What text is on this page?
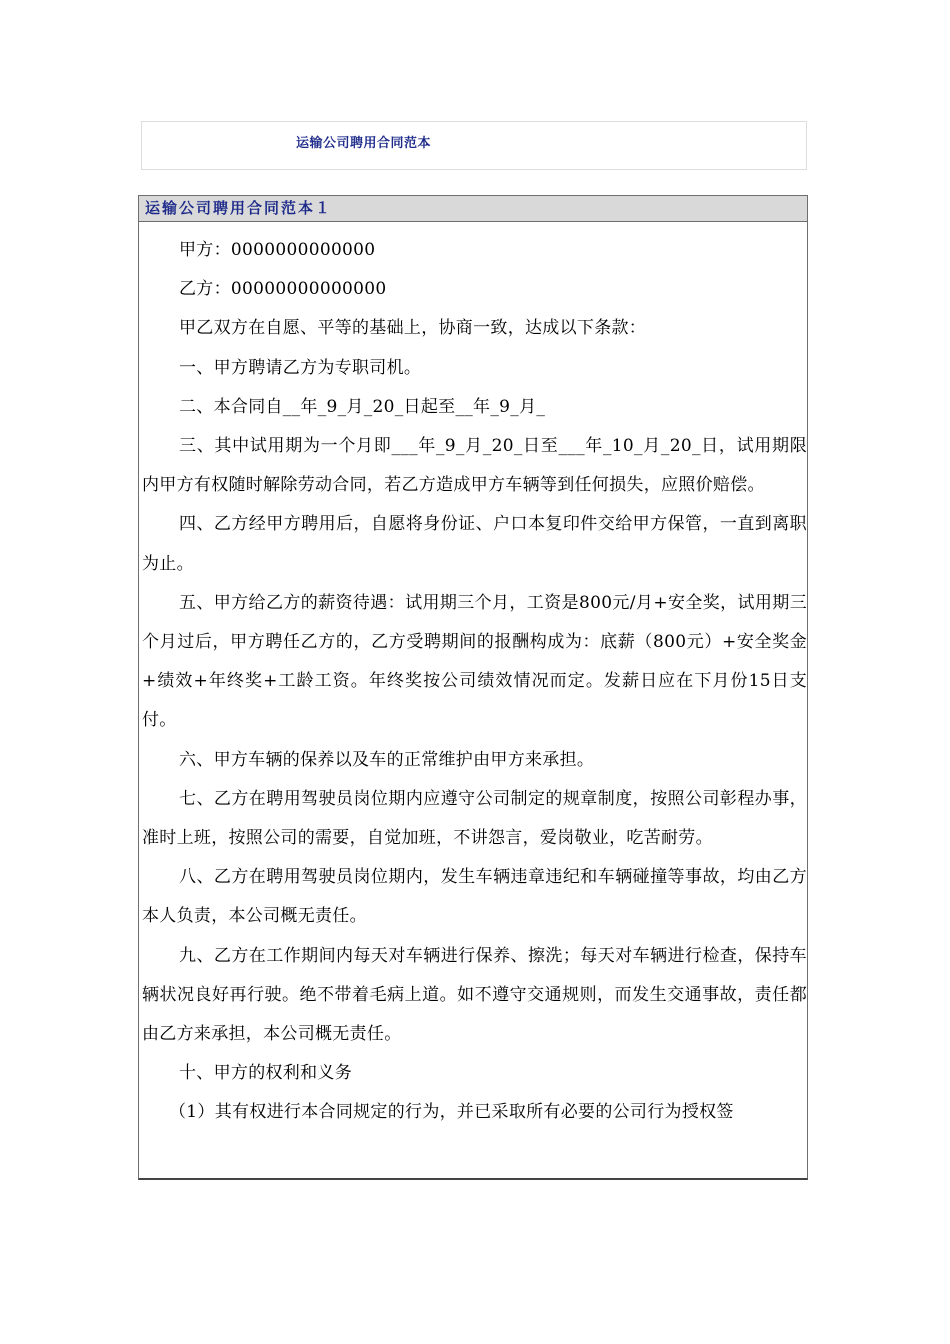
运输公司聘用合同范本
运输公司聘用合同范本１

甲方：0000000000000

乙方：00000000000000

甲乙双方在自愿、平等的基础上，协商一致，达成以下条款：

一、甲方聘请乙方为专职司机。

二、本合同自__年_9_月_20_日起至__年_9_月_

三、其中试用期为一个月即___年_9_月_20_日至___年_10_月_20_日，试用期限内甲方有权随时解除劳动合同，若乙方造成甲方车辆等到任何损失，应照价赔偿。

四、乙方经甲方聘用后，自愿将身份证、户口本复印件交给甲方保管，一直到离职为止。

五、甲方给乙方的薪资待遇：试用期三个月，工资是800元/月+安全奖，试用期三个月过后，甲方聘任乙方的，乙方受聘期间的报酬构成为：底薪（800元）+安全奖金+绩效+年终奖+工龄工资。年终奖按公司绩效情况而定。发薪日应在下月份15日支付。

六、甲方车辆的保养以及车的正常维护由甲方来承担。

七、乙方在聘用驾驶员岗位期内应遵守公司制定的规章制度，按照公司彰程办事，准时上班，按照公司的需要，自觉加班，不讲怨言，爱岗敬业，吃苦耐劳。

八、乙方在聘用驾驶员岗位期内，发生车辆违章违纪和车辆碰撞等事故，均由乙方本人负责，本公司概无责任。

九、乙方在工作期间内每天对车辆进行保养、擦洗；每天对车辆进行检查，保持车辆状况良好再行驶。绝不带着毛病上道。如不遵守交通规则，而发生交通事故，责任都由乙方来承担，本公司概无责任。

十、甲方的权利和义务

（1）其有权进行本合同规定的行为，并已采取所有必要的公司行为授权签
